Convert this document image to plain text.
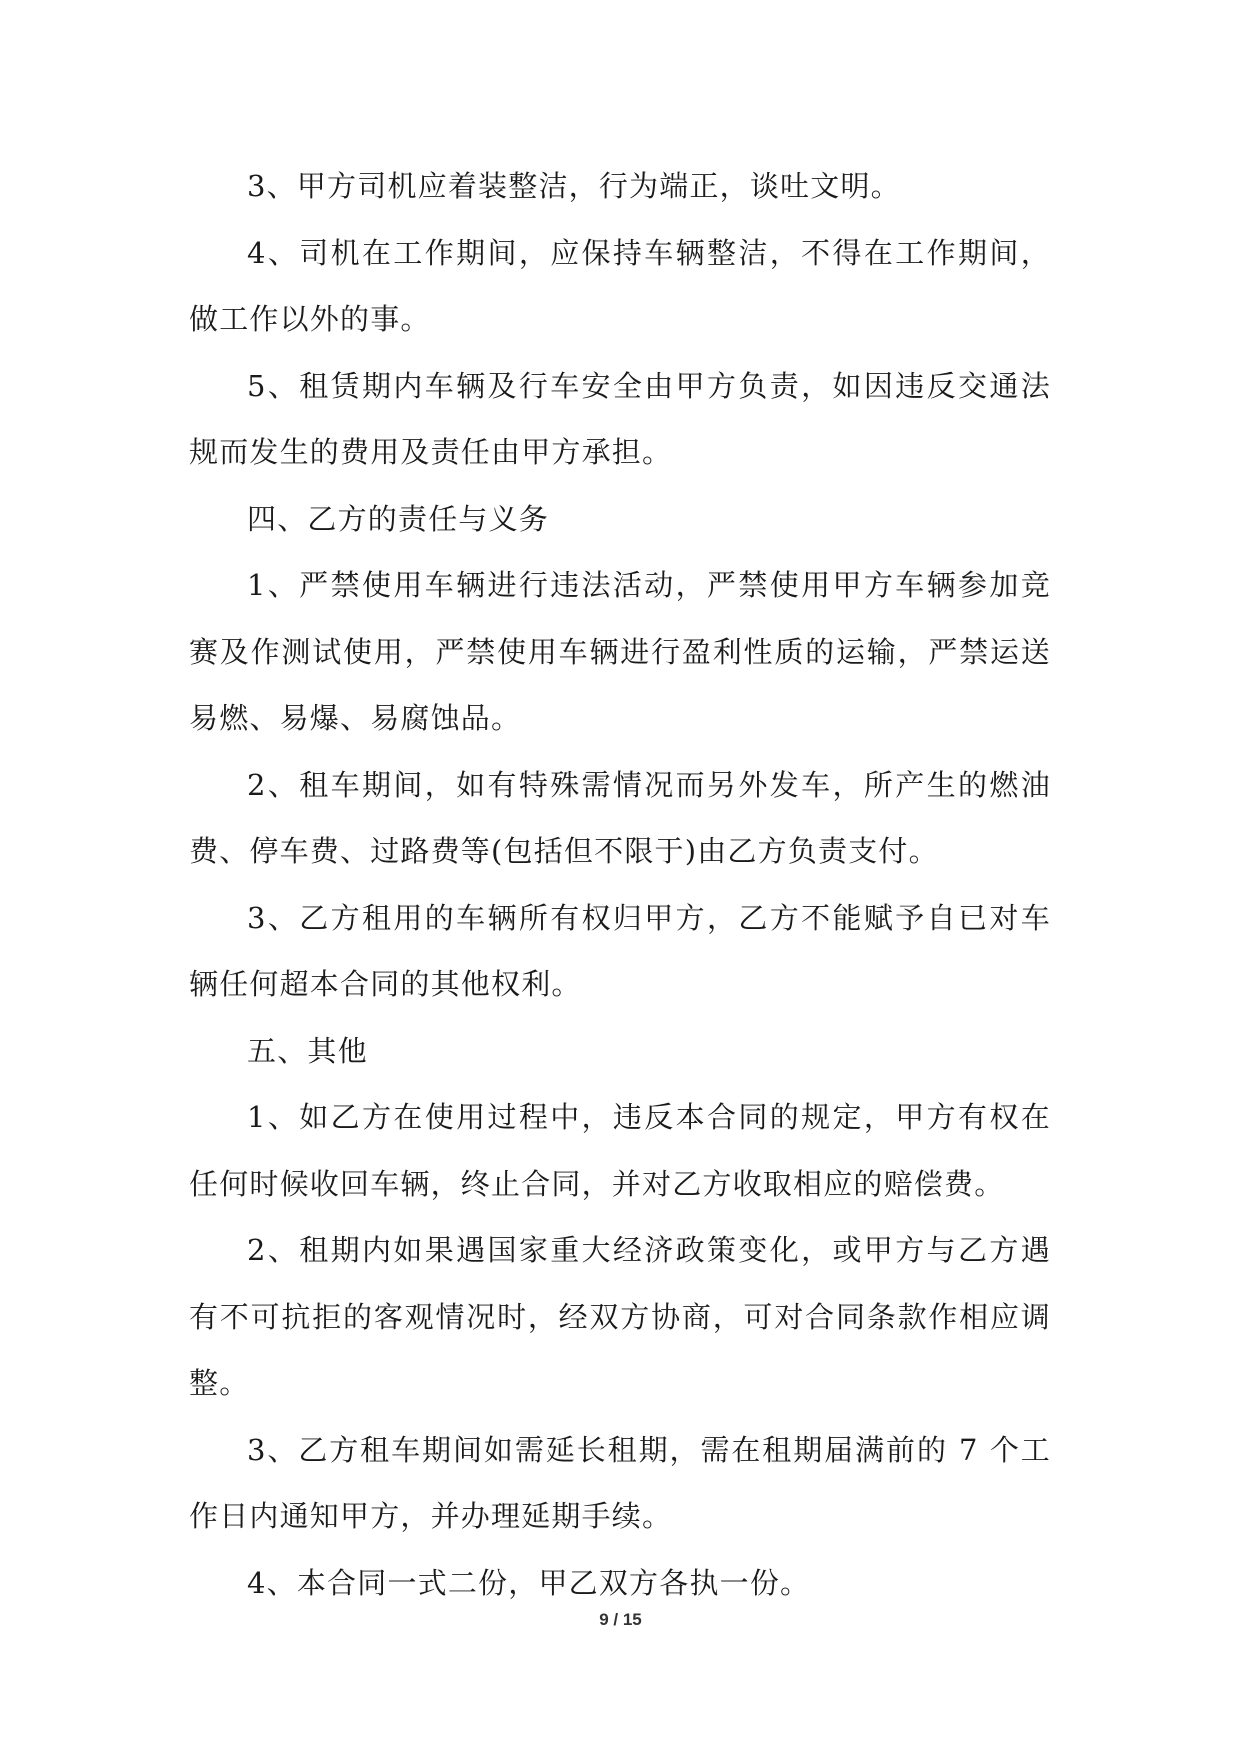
3、甲方司机应着装整洁，行为端正，谈吐文明。

4、司机在工作期间，应保持车辆整洁，不得在工作期间，做工作以外的事。

5、租赁期内车辆及行车安全由甲方负责，如因违反交通法规而发生的费用及责任由甲方承担。

四、乙方的责任与义务

1、严禁使用车辆进行违法活动，严禁使用甲方车辆参加竞赛及作测试使用，严禁使用车辆进行盈利性质的运输，严禁运送易燃、易爆、易腐蚀品。

2、租车期间，如有特殊需情况而另外发车，所产生的燃油费、停车费、过路费等(包括但不限于)由乙方负责支付。

3、乙方租用的车辆所有权归甲方，乙方不能赋予自已对车辆任何超本合同的其他权利。

五、其他

1、如乙方在使用过程中，违反本合同的规定，甲方有权在任何时候收回车辆，终止合同，并对乙方收取相应的赔偿费。

2、租期内如果遇国家重大经济政策变化，或甲方与乙方遇有不可抗拒的客观情况时，经双方协商，可对合同条款作相应调整。

3、乙方租车期间如需延长租期，需在租期届满前的 7 个工作日内通知甲方，并办理延期手续。

4、本合同一式二份，甲乙双方各执一份。

9 / 15
